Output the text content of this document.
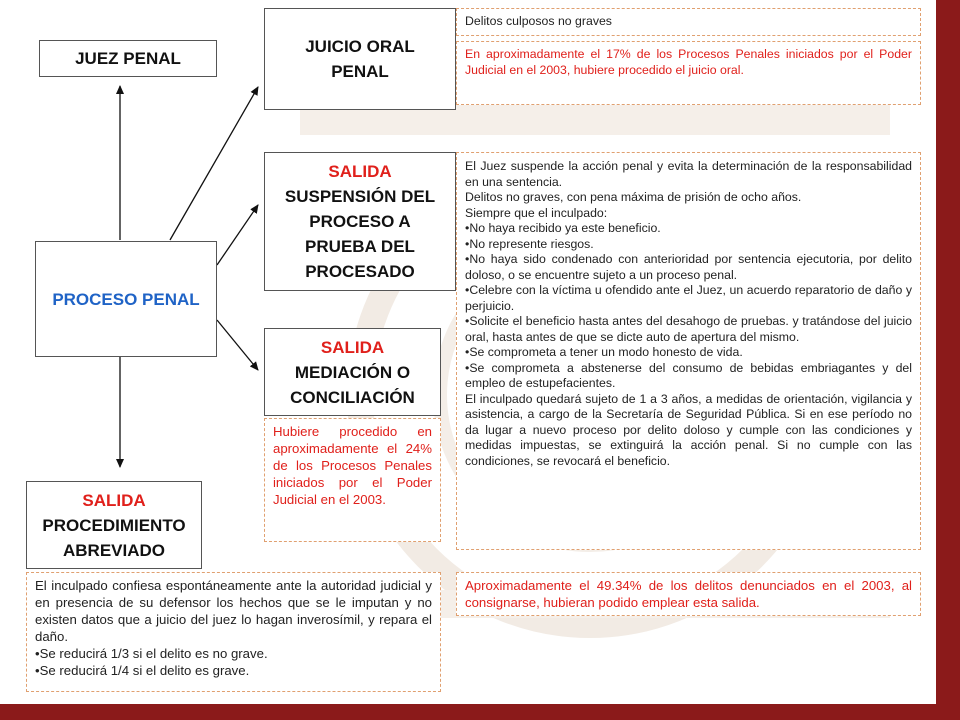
JUEZ PENAL
PROCESO PENAL
JUICIO ORAL
PENAL
SALIDA
SUSPENSIÓN DEL
PROCESO A
PRUEBA DEL
PROCESADO
SALIDA
MEDIACIÓN O
CONCILIACIÓN
SALIDA
PROCEDIMIENTO
ABREVIADO

Delitos culposos no graves

En aproximadamente el 17% de los Procesos Penales iniciados por el Poder Judicial en el 2003, hubiere procedido el juicio oral.

El Juez suspende la acción penal y evita la determinación de la responsabilidad en una sentencia.

Delitos no graves, con pena máxima de prisión de ocho años.

Siempre que el inculpado:

• No haya recibido ya este beneficio.
• No represente riesgos.
• No haya sido condenado con anterioridad por sentencia ejecutoria, por delito doloso, o se encuentre sujeto a un proceso penal.
• Celebre con la víctima u ofendido ante el Juez, un acuerdo reparatorio de daño y perjuicio.
• Solicite el beneficio hasta antes del desahogo de pruebas. y tratándose del juicio oral, hasta antes de que se dicte auto de apertura del mismo.
• Se comprometa a tener un modo honesto de vida.
• Se comprometa a abstenerse del consumo de bebidas embriagantes y del empleo de estupefacientes.

El inculpado quedará sujeto de 1 a 3 años, a medidas de orientación, vigilancia y asistencia, a cargo de la Secretaría de Seguridad Pública. Si en ese período no da lugar a nuevo proceso por delito doloso y cumple con las condiciones y medidas impuestas, se extinguirá la acción penal. Si no cumple con las condiciones, se revocará el beneficio.

Hubiere procedido en aproximadamente el 24% de los Procesos Penales iniciados por el Poder Judicial en el 2003.

El inculpado confiesa espontáneamente ante la autoridad judicial y en presencia de su defensor los hechos que se le imputan y no existen datos que a juicio del juez lo hagan inverosímil, y repara el daño.

• Se reducirá 1/3 si el delito es no grave.
• Se reducirá 1/4 si el delito es grave.

Aproximadamente el 49.34% de los delitos denunciados en el 2003, al consignarse, hubieran podido emplear esta salida.
